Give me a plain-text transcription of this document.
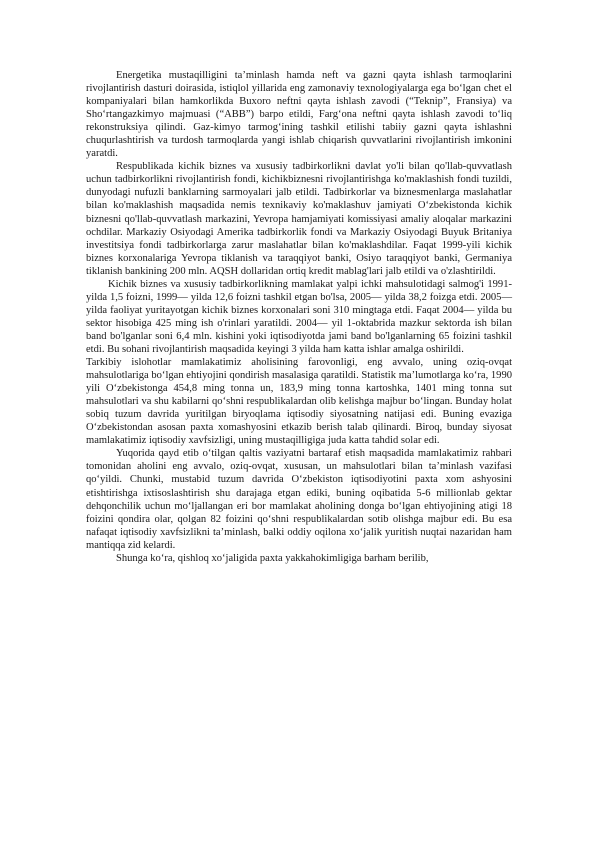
Energetika mustaqilligini ta’minlash hamda neft va gazni qayta ishlash tarmoqlarini rivojlantirish dasturi doirasida, istiqlol yillarida eng zamonaviy texnologiyalarga ega bo‘lgan chet el kompaniyalari bilan hamkorlikda Buxoro neftni qayta ishlash zavodi (“Teknip”, Fransiya) va Sho‘rtangazkimyo majmuasi (“ABB”) barpo etildi, Farg‘ona neftni qayta ishlash zavodi to‘liq rekonstruksiya qilindi. Gaz-kimyo tarmog‘ining tashkil etilishi tabiiy gazni qayta ishlashni chuqurlashtirish va turdosh tarmoqlarda yangi ishlab chiqarish quvvatlarini rivojlantirish imkonini yaratdi.

Respublikada kichik biznes va xususiy tadbirkorlikni davlat yo'li bilan qo'llab-quvvatlash uchun tadbirkorlikni rivojlantirish fondi, kichikbiznesni rivojlantirishga ko'maklashish fondi tuzildi, dunyodagi nufuzli banklarning sarmoyalari jalb etildi. Tadbirkorlar va biznesmenlarga maslahatlar bilan ko'maklashish maqsadida nemis texnikaviy ko'maklashuv jamiyati O‘zbekistonda kichik biznesni qo'llab-quvvatlash markazini, Yevropa hamjamiyati komissiyasi amaliy aloqalar markazini ochdilar. Markaziy Osiyodagi Amerika tadbirkorlik fondi va Markaziy Osiyodagi Buyuk Britaniya investitsiya fondi tadbirkorlarga zarur maslahatlar bilan ko'maklashdilar. Faqat 1999-yili kichik biznes korxonalariga Yevropa tiklanish va taraqqiyot banki, Osiyo taraqqiyot banki, Germaniya tiklanish bankining 200 mln. AQSH dollaridan ortiq kredit mablag'lari jalb etildi va o'zlashtirildi.

Kichik biznes va xususiy tadbirkorlikning mamlakat yalpi ichki mahsulotidagi salmog'i 1991- yilda 1,5 foizni, 1999— yilda 12,6 foizni tashkil etgan bo'lsa, 2005— yilda 38,2 foizga etdi. 2005— yilda faoliyat yuritayotgan kichik biznes korxonalari soni 310 mingtaga etdi. Faqat 2004— yilda bu sektor hisobiga 425 ming ish o'rinlari yaratildi. 2004— yil 1-oktabrida mazkur sektorda ish bilan band bo'lganlar soni 6,4 mln. kishini yoki iqtisodiyotda jami band bo'lganlarning 65 foizini tashkil etdi. Bu sohani rivojlantirish maqsadida keyingi 3 yilda ham katta ishlar amalga oshirildi.

Tarkibiy islohotlar mamlakatimiz aholisining farovonligi, eng avvalo, uning oziq-ovqat mahsulotlariga bo‘lgan ehtiyojini qondirish masalasiga qaratildi. Statistik ma’lumotlarga ko‘ra, 1990 yili O‘zbekistonga 454,8 ming tonna un, 183,9 ming tonna kartoshka, 1401 ming tonna sut mahsulotlari va shu kabilarni qo‘shni respublikalardan olib kelishga majbur bo‘lingan. Bunday holat sobiq tuzum davrida yuritilgan biryoqlama iqtisodiy siyosatning natijasi edi. Buning evaziga O‘zbekistondan asosan paxta xomashyosini etkazib berish talab qilinardi. Biroq, bunday siyosat mamlakatimiz iqtisodiy xavfsizligi, uning mustaqilligiga juda katta tahdid solar edi.

Yuqorida qayd etib o‘tilgan qaltis vaziyatni bartaraf etish maqsadida mamlakatimiz rahbari tomonidan aholini eng avvalo, oziq-ovqat, xususan, un mahsulotlari bilan ta’minlash vazifasi qo‘yildi. Chunki, mustabid tuzum davrida O‘zbekiston iqtisodiyotini paxta xom ashyosini etishtirishga ixtisoslashtirish shu darajaga etgan ediki, buning oqibatida 5-6 millionlab gektar dehqonchilik uchun mo‘ljallangan eri bor mamlakat aholining donga bo‘lgan ehtiyojining atigi 18 foizini qondira olar, qolgan 82 foizini qo‘shni respublikalardan sotib olishga majbur edi. Bu esa nafaqat iqtisodiy xavfsizlikni ta’minlash, balki oddiy oqilona xo‘jalik yuritish nuqtai nazaridan ham mantiqqa zid kelardi.

Shunga ko‘ra, qishloq xo‘jaligida paxta yakkahokimligiga barham berilib,
